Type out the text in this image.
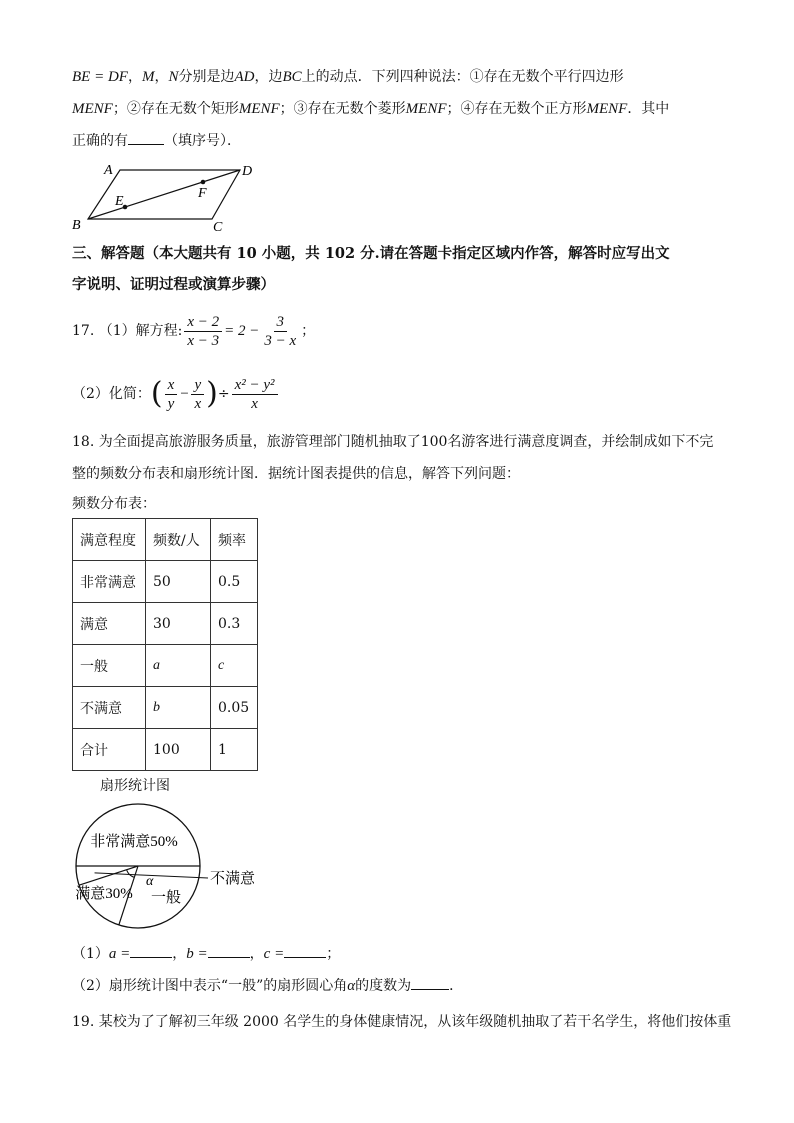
BE = DF，M，N分别是边AD，边BC上的动点．下列四种说法：①存在无数个平行四边形
MENF；②存在无数个矩形MENF；③存在无数个菱形MENF；④存在无数个正方形MENF．其中
正确的有	（填序号）．
A	D
B	C
E
F
三、解答题（本大题共有 10 小题，共 102 分.请在答题卡指定区域内作答，解答时应写出文
字说明、证明过程或演算步骤）
17. （1）解方程: $\frac{x - 2}{x - 3} = 2 - \frac{3}{3 - x}$ ；
（2）化简：( $\frac{x}{y} - \frac{y}{x}$ )÷ $\frac{\text{x² − y²}}{x}$
18. 为全面提高旅游服务质量，旅游管理部门随机抽取了100名游客进行满意度调查，并绘制成如下不完
整的频数分布表和扇形统计图．据统计图表提供的信息，解答下列问题：
频数分布表：
满意程度	频数/人	频率
非常满意	50	0.5
满意	30	0.3
一般	a	c
不满意	b	0.05
合计	100	1
扇形统计图
非常满意50%
满意30% 一般
不满意
α
（1）a =	，b =	，c =	；
（2）扇形统计图中表示“一般”的扇形圆心角α的度数为	．
19. 某校为了了解初三年级 2000 名学生的身体健康情况，从该年级随机抽取了若干名学生，将他们按体重
